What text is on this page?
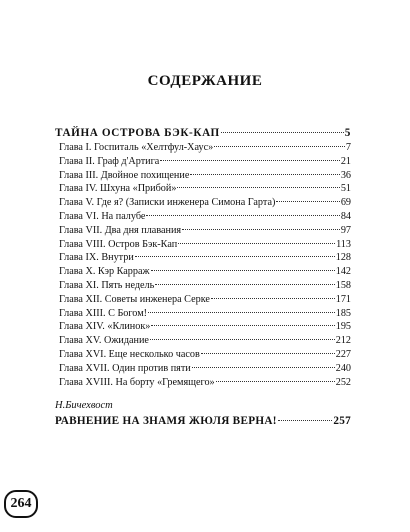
СОДЕРЖАНИЕ
ТАЙНА ОСТРОВА БЭК-КАП	5
Глава I. Госпиталь «Хелтфул-Хаус»	7
Глава II. Граф д'Артига	21
Глава III. Двойное похищение	36
Глава IV. Шхуна «Прибой»	51
Глава V. Где я? (Записки инженера Симона Гарта)	69
Глава VI. На палубе	84
Глава VII. Два дня плавания	97
Глава VIII. Остров Бэк-Кап	113
Глава IX. Внутри	128
Глава X. Кэр Карраж	142
Глава XI. Пять недель	158
Глава XII. Советы инженера Серке	171
Глава XIII. С Богом!	185
Глава XIV. «Клинок»	195
Глава XV. Ожидание	212
Глава XVI. Еще несколько часов	227
Глава XVII. Один против пяти	240
Глава XVIII. На борту «Гремящего»	252
Н.Бичехвост
РАВНЕНИЕ НА ЗНАМЯ ЖЮЛЯ ВЕРНА!	257
264
